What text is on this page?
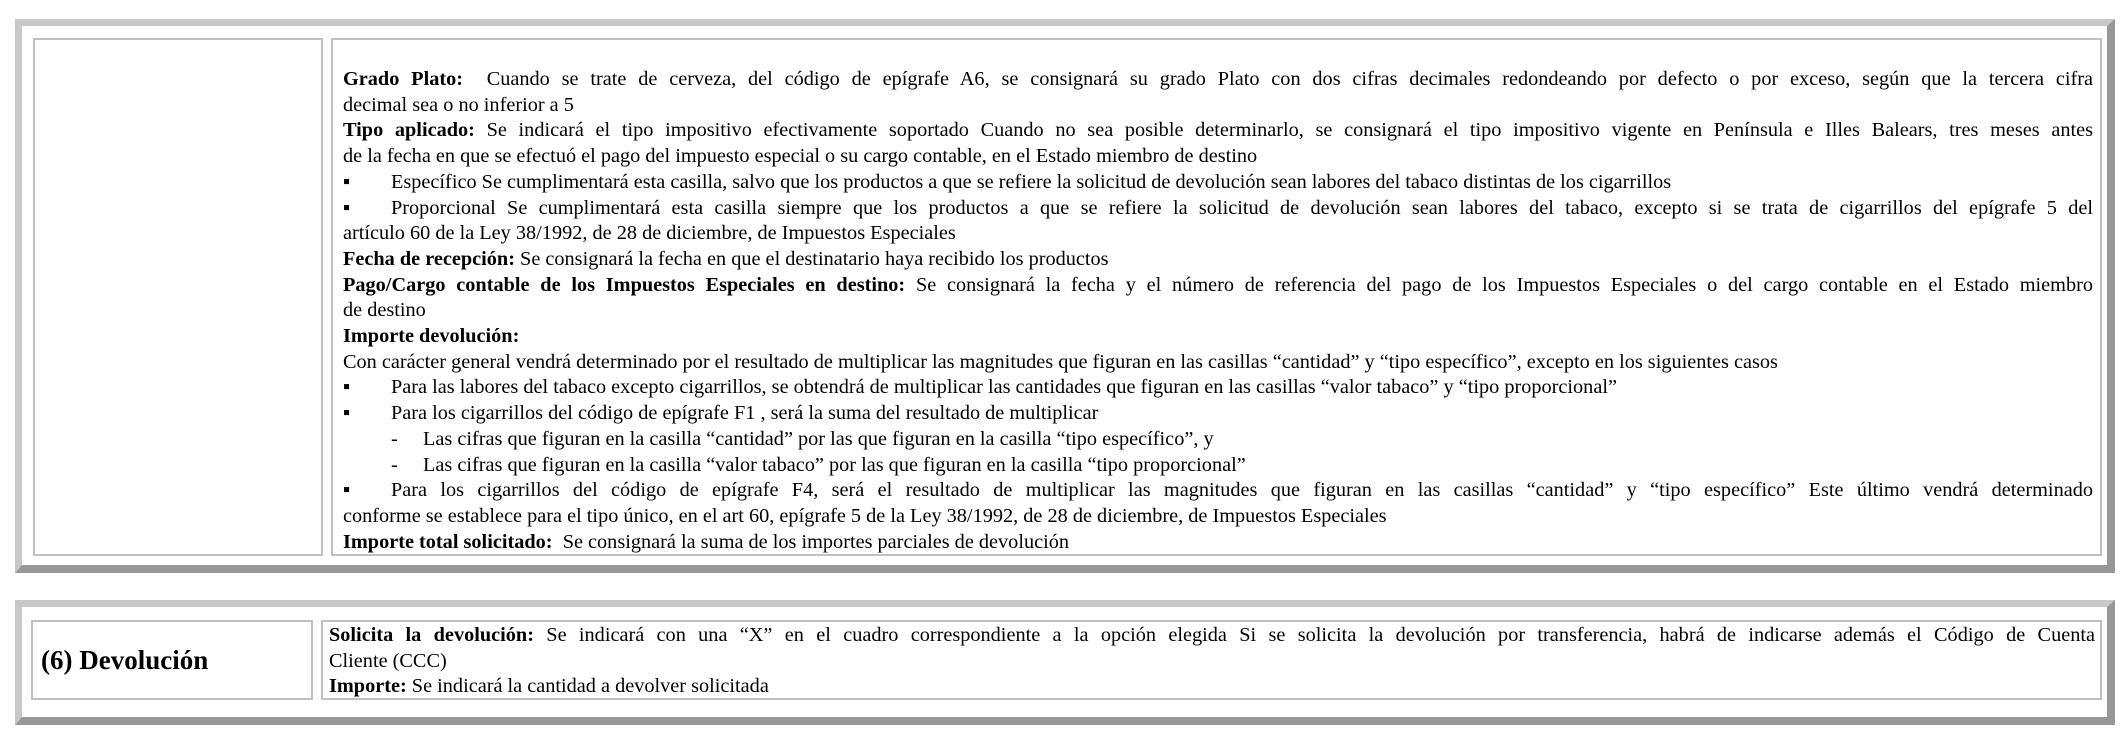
Grado Plato: Cuando se trate de cerveza, del código de epígrafe A6, se consignará su grado Plato con dos cifras decimales redondeando por defecto o por exceso, según que la tercera cifra
decimal sea o no inferior a 5
Tipo aplicado: Se indicará el tipo impositivo efectivamente soportado Cuando no sea posible determinarlo, se consignará el tipo impositivo vigente en Península e Illes Balears, tres meses antes
de la fecha en que se efectuó el pago del impuesto especial o su cargo contable, en el Estado miembro de destino
▪ Específico Se cumplimentará esta casilla, salvo que los productos a que se refiere la solicitud de devolución sean labores del tabaco distintas de los cigarrillos
▪ Proporcional Se cumplimentará esta casilla siempre que los productos a que se refiere la solicitud de devolución sean labores del tabaco, excepto si se trata de cigarrillos del epígrafe 5 del
artículo 60 de la Ley 38/1992, de 28 de diciembre, de Impuestos Especiales
Fecha de recepción: Se consignará la fecha en que el destinatario haya recibido los productos
Pago/Cargo contable de los Impuestos Especiales en destino: Se consignará la fecha y el número de referencia del pago de los Impuestos Especiales o del cargo contable en el Estado miembro
de destino
Importe devolución:
Con carácter general vendrá determinado por el resultado de multiplicar las magnitudes que figuran en las casillas “cantidad” y “tipo específico”, excepto en los siguientes casos
▪ Para las labores del tabaco excepto cigarrillos, se obtendrá de multiplicar las cantidades que figuran en las casillas “valor tabaco” y “tipo proporcional”
▪ Para los cigarrillos del código de epígrafe F1 , será la suma del resultado de multiplicar
- Las cifras que figuran en la casilla “cantidad” por las que figuran en la casilla “tipo específico”, y
- Las cifras que figuran en la casilla “valor tabaco” por las que figuran en la casilla “tipo proporcional”
▪ Para los cigarrillos del código de epígrafe F4, será el resultado de multiplicar las magnitudes que figuran en las casillas “cantidad” y “tipo específico” Este último vendrá determinado
conforme se establece para el tipo único, en el art 60, epígrafe 5 de la Ley 38/1992, de 28 de diciembre, de Impuestos Especiales
Importe total solicitado: Se consignará la suma de los importes parciales de devolución
(6) Devolución
Solicita la devolución: Se indicará con una “X” en el cuadro correspondiente a la opción elegida Si se solicita la devolución por transferencia, habrá de indicarse además el Código de Cuenta
Cliente (CCC)
Importe: Se indicará la cantidad a devolver solicitada
